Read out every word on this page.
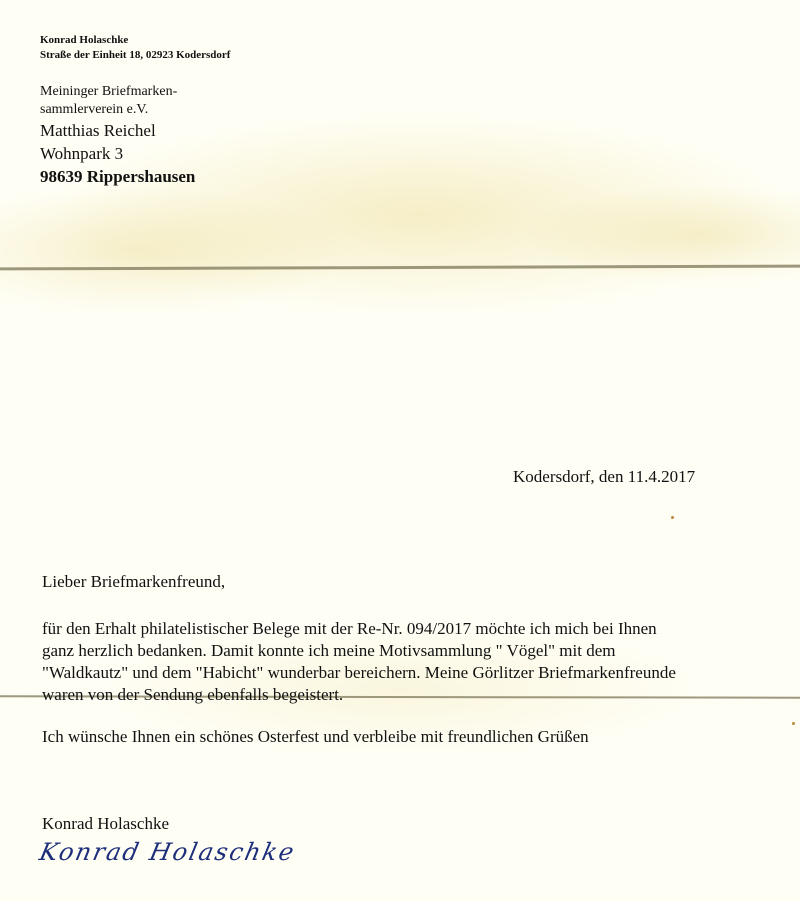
Konrad Holaschke
Straße der Einheit 18, 02923 Kodersdorf
Meininger Briefmarken-
sammlerverein e.V.
Matthias Reichel
Wohnpark 3
98639 Rippershausen
Kodersdorf, den 11.4.2017
Lieber Briefmarkenfreund,
für den Erhalt philatelistischer Belege mit der Re-Nr. 094/2017 möchte ich mich bei Ihnen
ganz herzlich bedanken. Damit konnte ich meine Motivsammlung " Vögel" mit dem
"Waldkautz" und dem "Habicht" wunderbar bereichern. Meine Görlitzer Briefmarkenfreunde
waren von der Sendung ebenfalls begeistert.
Ich wünsche Ihnen ein schönes Osterfest und verbleibe mit freundlichen Grüßen
Konrad Holaschke
Konrad Holaschke
